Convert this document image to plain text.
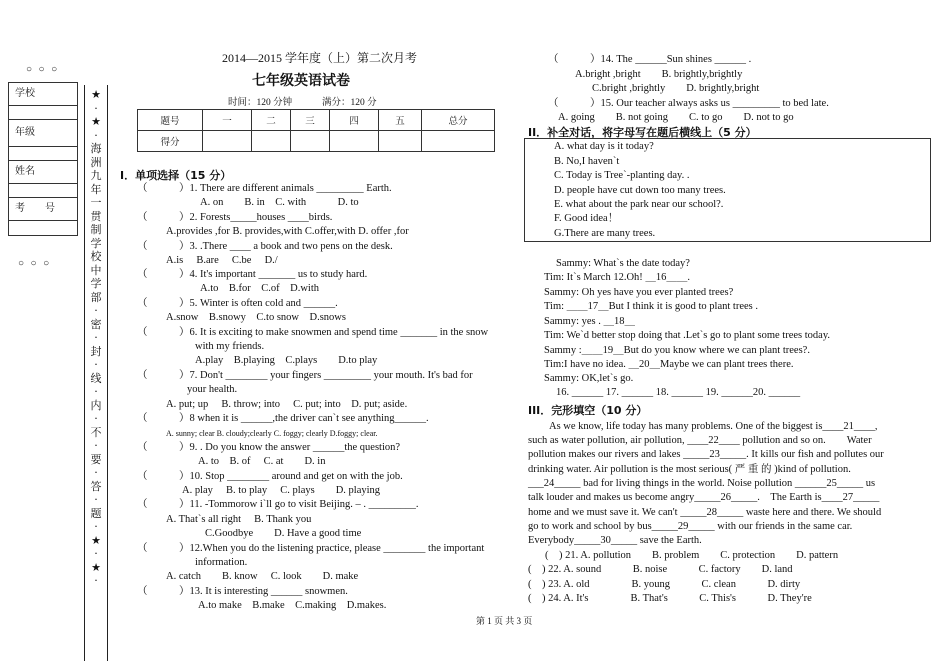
○ ○ ○
学校
年级
姓名
考　　号
○ ○ ○
★
·
★
·
海
洲
九
年
一
贯
制
学
校
中
学
部
·
密
·
封
·
线
·
内
·
不
·
要
·
答
·
题
·
★
·
★
·
2014—2015 学年度（上）第二次月考
七年级英语试卷
时间：120 分钟	满分：120 分
题号	一	二	三	四	五	总分
得分						
I．单项选择（15 分）
（　　　）1. There are different animals _________ Earth.
A. on　　B. in　C. with　　　D. to
（　　　）2. Forests_____houses ____birds.
A.provides ,for B. provides,with C.offer,with D. offer ,for
（　　　）3. .There ____ a book and two pens on the desk.
A.is　 B.are　 C.be　 D./
（　　　）4. It's important _______ us to study hard.
A.to　B.for　C.of　D.with
（　　　）5. Winter is often cold and ______.
A.snow　B.snowy　C.to snow　D.snows
（　　　）6. It is exciting to make snowmen and spend time _______ in the snow
with my friends.
A.play　B.playing　C.plays　　D.to play
（　　　）7. Don't ________ your fingers _________ your mouth. It's bad for
your health.
A. put; up　 B. throw; into　 C. put; into　D. put; aside.
（　　　）8 when it is ______,the driver can`t see anything______.
A. sunny; clear B. cloudy;clearly C. foggy; clearly D.foggy; clear.
（　　　）9. . Do you know the answer ______the question?
A. to　B. of　 C. at　　D. in
（　　　）10. Stop ________ around and get on with the job.
A. play　 B. to play　 C. plays　　D. playing
（　　　）11. -Tommorow i`ll go to visit Beijing. – . _________.
A. That`s all right　 B. Thank you
C.Goodbye　　D. Have a good time
（　　　）12.When you do the listening practice, please ________ the important
information.
A. catch　　B. know　 C. look　　D. make
（　　　）13. It is interesting ______ snowmen.
A.to make　B.make　C.making　D.makes.
（　　　）14. The ______Sun shines ______ .
A.bright ,bright　　B. brightly,brightly
C.bright ,brightly　　D. brightly,bright
（　　　）15. Our teacher always asks us _________ to bed late.
A. going　　B. not going　　C. to go　　D. not to go
II．补全对话，将字母写在题后横线上（5 分）
A. what day is it today?
B. No,I haven`t
C. Today is Tree`-planting day. .
D. people have cut down too many trees.
E. what about the park near our school?.
F. Good idea！
G.There are many trees.
Sammy: What`s the date today?
Tim: It`s March 12.Oh! ＿16＿＿.
Sammy: Oh yes have you ever planted trees?
Tim: ＿＿17＿But I think it is good to plant trees .
Sammy: yes . ＿18＿
Tim: We`d better stop doing that .Let`s go to plant some trees today.
Sammy :＿＿19＿But do you know where we can plant trees?.
Tim:I have no idea. ＿20＿Maybe we can plant trees there.
Sammy: OK,let`s go.
16. ______ 17. ______ 18. ______ 19. ______20. ______
III．完形填空（10 分）
　　As we know, life today has many problems. One of the biggest is____21____,
such as water pollution, air pollution, ____22____ pollution and so on.　　Water
pollution makes our rivers and lakes _____23_____. It kills our fish and pollutes our
drinking water. Air pollution is the most serious( 严 重 的 )kind of pollution.
___24_____ bad for living things in the world. Noise pollution ______25_____ us
talk louder and makes us become angry_____26_____.　The Earth is____27_____
home and we must save it. We can't _____28_____ waste here and there. We should
go to work and school by bus_____29_____ with our friends in the same car.
Everybody_____30_____ save the Earth.
(　) 21. A. pollution　　B. problem　　C. protection　　D. pattern
(　) 22. A. sound　　　B. noise　　　C. factory　　D. land
(　) 23. A. old　　　　B. young　　　C. clean　　　D. dirty
(　) 24. A. It's　　　　B. That's　　　C. This's　　　D. They're
第 1 页 共 3 页
